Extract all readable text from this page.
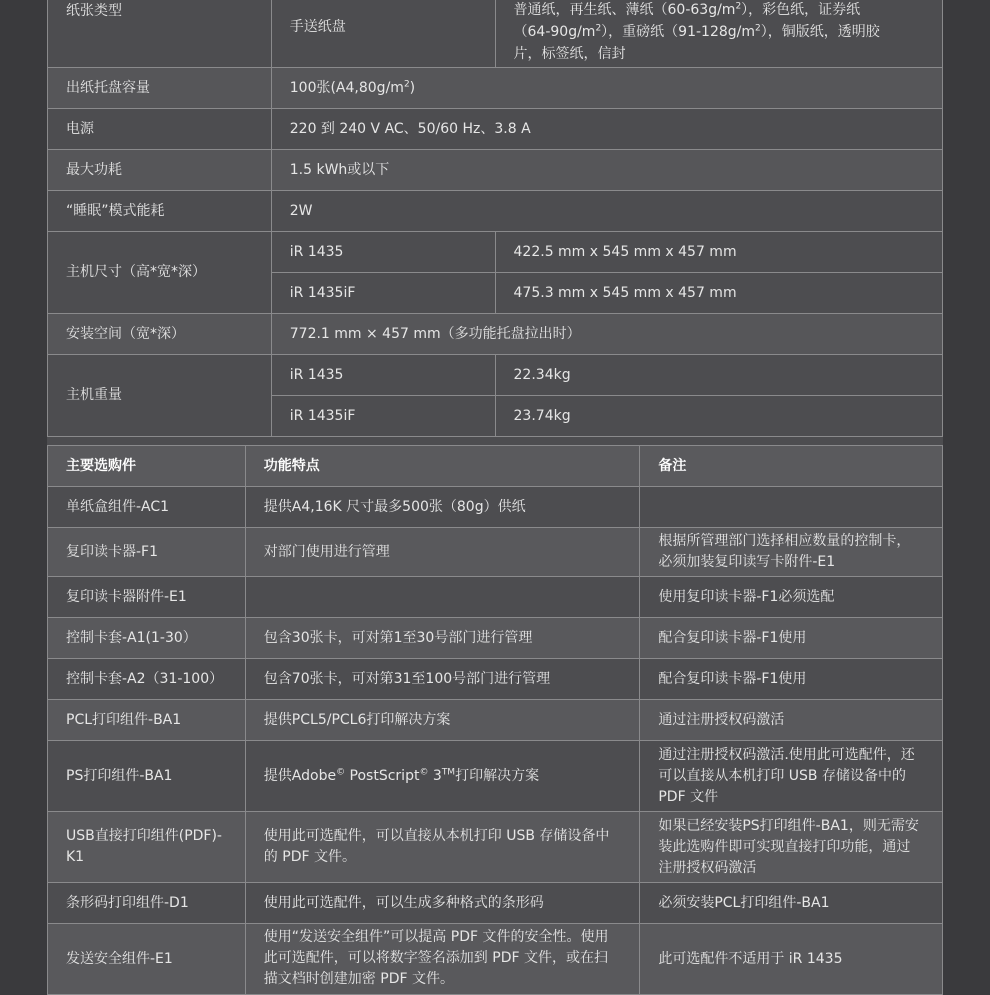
纸张类型	手送纸盘	普通纸，再生纸、薄纸$(60-63g/m^2)$，彩色纸，证券纸
$(64-90g/m^2)$，重磅纸$(91-128g/m^2)$，铜版纸，透明胶
片，标签纸，信封
出纸托盘容量	100张$(A4,80g/m^2)$	
电源	220 到 240 V AC、50/60 Hz、3.8 A	
最大功耗	1.5 kWh或以下	
“睡眠”模式能耗	2W	
主机尺寸（高*宽*深）	iR 1435	422.5 mm x 545 mm x 457 mm
	iR 1435iF	475.3 mm x 545 mm x 457 mm
安装空间（宽*深）	772.1 mm × 457 mm（多功能托盘拉出时）	
主机重量	iR 1435	22.34kg
	iR 1435iF	23.74kg
主要选购件	功能特点	备注
单纸盒组件-AC1	提供A4,16K 尺寸最多500张（80g）供纸	
复印读卡器-F1	对部门使用进行管理	根据所管理部门选择相应数量的控制卡，必须加装复印读写卡附件-E1
复印读卡器附件-E1		使用复印读卡器-F1必须选配
控制卡套-A1(1-30）	包含30张卡，可对第1至30号部门进行管理	配合复印读卡器-F1使用
控制卡套-A2（31-100）	包含70张卡，可对第31至100号部门进行管理	配合复印读卡器-F1使用
PCL打印组件-BA1	提供PCL5/PCL6打印解决方案	通过注册授权码激活
PS打印组件-BA1	提供Adobe© PostScript© 3™打印解决方案	通过注册授权码激活.使用此可选配件，还可以直接从本机打印 USB 存储设备中的 PDF 文件
USB直接打印组件(PDF)-K1	使用此可选配件，可以直接从本机打印 USB 存储设备中的 PDF 文件。	如果已经安装PS打印组件-BA1，则无需安装此选购件即可实现直接打印功能，通过注册授权码激活
条形码打印组件-D1	使用此可选配件，可以生成多种格式的条形码	必须安装PCL打印组件-BA1
发送安全组件-E1	使用“发送安全组件”可以提高 PDF 文件的安全性。使用此可选配件，可以将数字签名添加到 PDF 文件，或在扫描文档时创建加密 PDF 文件。	此可选配件不适用于 iR 1435
